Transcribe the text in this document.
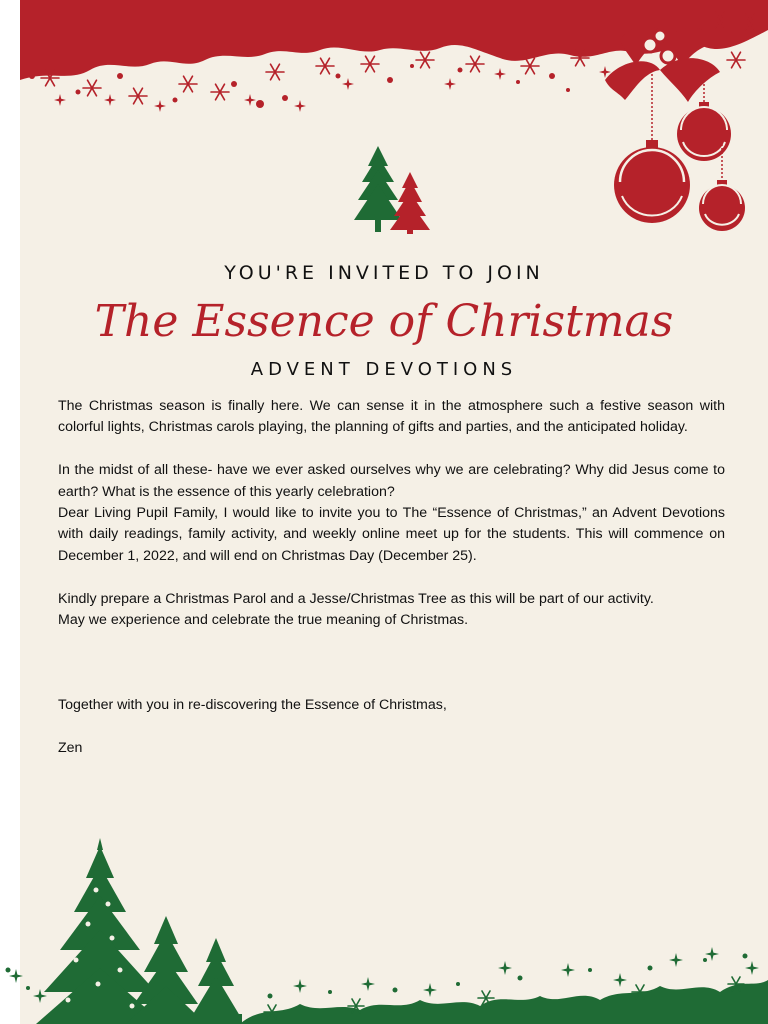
YOU'RE INVITED TO JOIN
The Essence of Christmas
ADVENT DEVOTIONS

The Christmas season is finally here. We can sense it in the atmosphere such a festive season with colorful lights, Christmas carols playing, the planning of gifts and parties, and the anticipated holiday.

In the midst of all these- have we ever asked ourselves why we are celebrating? Why did Jesus come to earth? What is the essence of this yearly celebration?

Dear Living Pupil Family, I would like to invite you to The “Essence of Christmas,” an Advent Devotions with daily readings, family activity, and weekly online meet up for the students. This will commence on December 1, 2022, and will end on Christmas Day (December 25).

Kindly prepare a Christmas Parol and a Jesse/Christmas Tree as this will be part of our activity.

May we experience and celebrate the true meaning of Christmas.

Together with you in re-discovering the Essence of Christmas,

Zen
